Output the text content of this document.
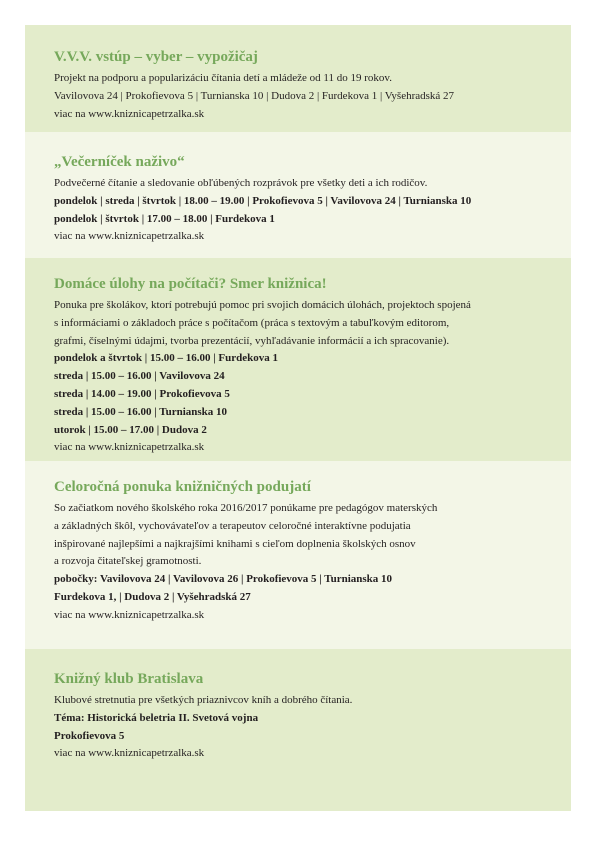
V.V.V. vstúp – vyber – vypožičaj
Projekt na podporu a popularizáciu čítania detí a mládeže od 11 do 19 rokov.
Vavilovova 24 | Prokofievova 5 | Turnianska 10 | Dudova 2 | Furdekova 1 | Vyšehradská 27
viac na www.kniznicapetrzalka.sk
„Večerníček naživo“
Podvečerné čítanie a sledovanie obľúbených rozprávok pre všetky deti a ich rodičov.
pondelok | streda | štvrtok | 18.00 – 19.00 | Prokofievova 5 | Vavilovova 24 | Turnianska 10
pondelok | štvrtok | 17.00 – 18.00 | Furdekova 1
viac na www.kniznicapetrzalka.sk
Domáce úlohy na počítači? Smer knižnica!
Ponuka pre školákov, ktorí potrebujú pomoc pri svojich domácich úlohách, projektoch spojená
s informáciami o základoch práce s počítačom (práca s textovým a tabuľkovým editorom,
grafmi, číselnými údajmi, tvorba prezentácií, vyhľadávanie informácií a ich spracovanie).
pondelok a štvrtok | 15.00 – 16.00 | Furdekova 1
streda | 15.00 – 16.00 | Vavilovova 24
streda | 14.00 – 19.00 | Prokofievova 5
streda | 15.00 – 16.00 | Turnianska 10
utorok | 15.00 – 17.00 | Dudova 2
viac na www.kniznicapetrzalka.sk
Celoročná ponuka knižničných podujatí
So začiatkom nového školského roka 2016/2017 ponúkame pre pedagógov materských
a základných škôl, vychovávateľov a terapeutov celoročné interaktívne podujatia
inšpirované najlepšími a najkrajšími knihami s cieľom doplnenia školských osnov
a rozvoja čitateľskej gramotnosti.
pobočky: Vavilovova 24 | Vavilovova 26 | Prokofievova 5 | Turnianska 10
Furdekova 1, | Dudova 2 | Vyšehradská 27
viac na www.kniznicapetrzalka.sk
Knižný klub Bratislava
Klubové stretnutia pre všetkých priaznivcov kníh a dobrého čítania.
Téma: Historická beletria II. Svetová vojna
Prokofievova 5
viac na www.kniznicapetrzalka.sk
